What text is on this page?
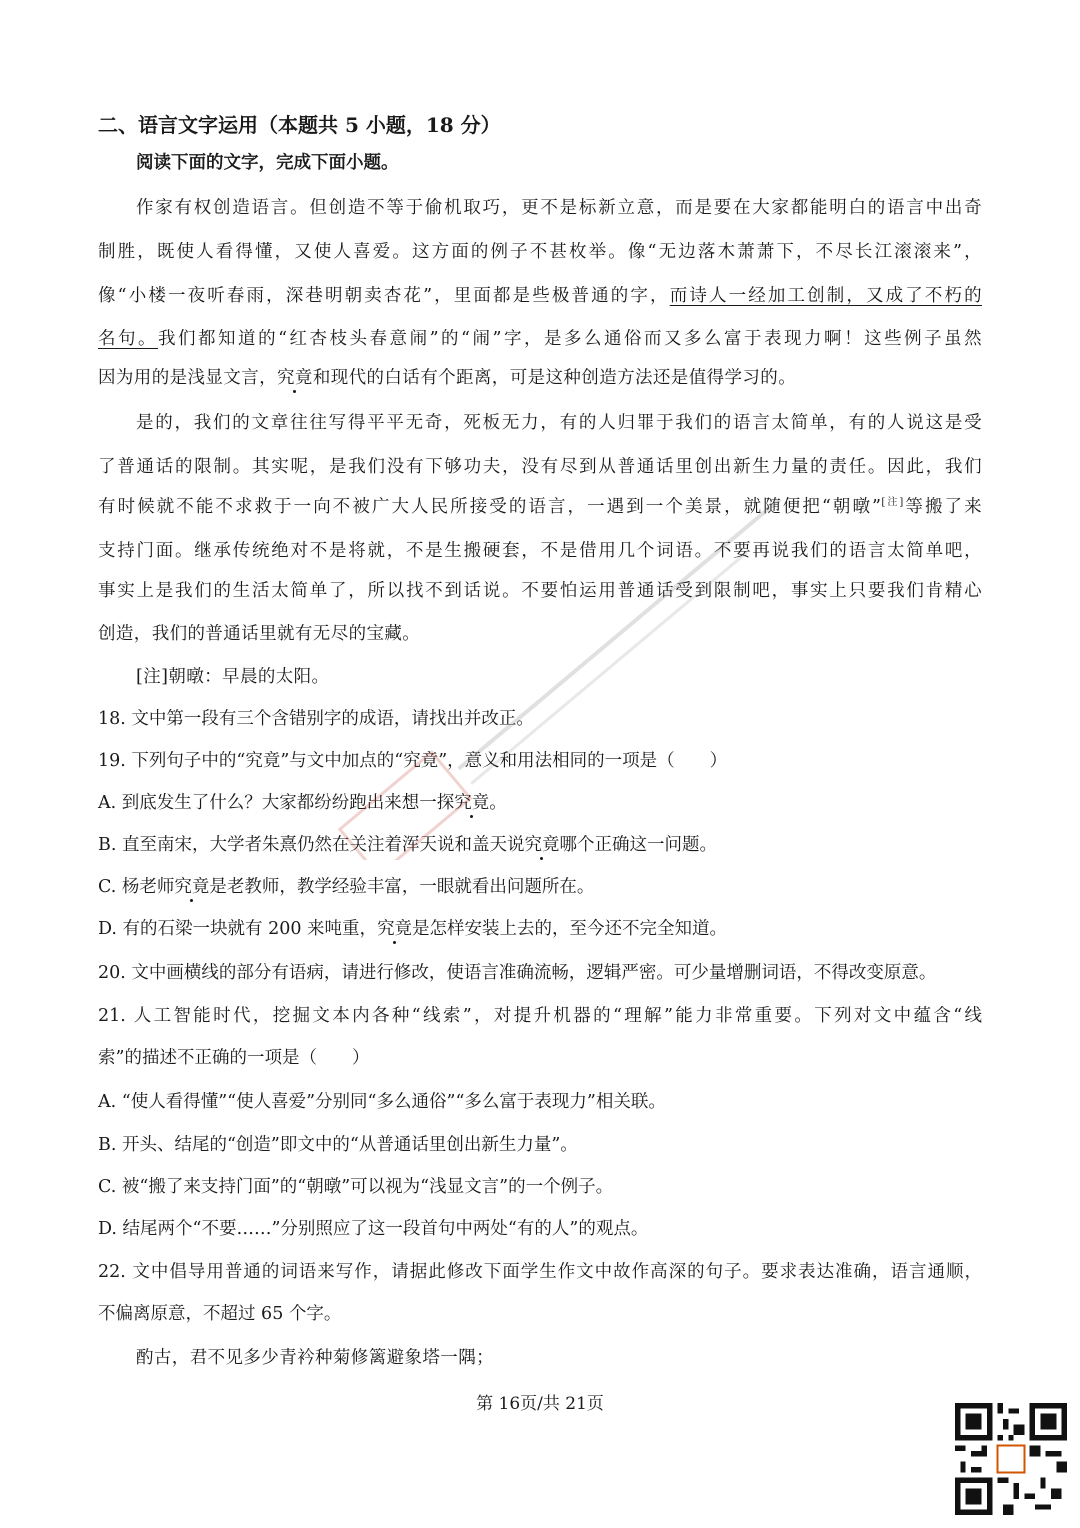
二、语言文字运用（本题共 5 小题，18 分）
阅读下面的文字，完成下面小题。
作家有权创造语言。但创造不等于偷机取巧，更不是标新立意，而是要在大家都能明白的语言中出奇
制胜，既使人看得懂，又使人喜爱。这方面的例子不甚枚举。像“无边落木萧萧下，不尽长江滚滚来”，
像“小楼一夜听春雨，深巷明朝卖杏花”，里面都是些极普通的字，而诗人一经加工创制，又成了不朽的
名句。我们都知道的“红杏枝头春意闹”的“闹”字，是多么通俗而又多么富于表现力啊！这些例子虽然
因为用的是浅显文言，究竟和现代的白话有个距离，可是这种创造方法还是值得学习的。
是的，我们的文章往往写得平平无奇，死板无力，有的人归罪于我们的语言太简单，有的人说这是受
了普通话的限制。其实呢，是我们没有下够功夫，没有尽到从普通话里创出新生力量的责任。因此，我们
有时候就不能不求救于一向不被广大人民所接受的语言，一遇到一个美景，就随便把“朝暾”[注]等搬了来
支持门面。继承传统绝对不是将就，不是生搬硬套，不是借用几个词语。不要再说我们的语言太简单吧，
事实上是我们的生活太简单了，所以找不到话说。不要怕运用普通话受到限制吧，事实上只要我们肯精心
创造，我们的普通话里就有无尽的宝藏。
[注]朝暾：早晨的太阳。
18. 文中第一段有三个含错别字的成语，请找出并改正。
19. 下列句子中的“究竟”与文中加点的“究竟”，意义和用法相同的一项是（　　）
A. 到底发生了什么？大家都纷纷跑出来想一探究竟。
B. 直至南宋，大学者朱熹仍然在关注着浑天说和盖天说究竟哪个正确这一问题。
C. 杨老师究竟是老教师，教学经验丰富，一眼就看出问题所在。
D. 有的石梁一块就有 200 来吨重，究竟是怎样安装上去的，至今还不完全知道。
20. 文中画横线的部分有语病，请进行修改，使语言准确流畅，逻辑严密。可少量增删词语，不得改变原意。
21. 人工智能时代，挖掘文本内各种“线索”，对提升机器的“理解”能力非常重要。下列对文中蕴含“线
索”的描述不正确的一项是（　　）
A. “使人看得懂”“使人喜爱”分别同“多么通俗”“多么富于表现力”相关联。
B. 开头、结尾的“创造”即文中的“从普通话里创出新生力量”。
C. 被“搬了来支持门面”的“朝暾”可以视为“浅显文言”的一个例子。
D. 结尾两个“不要……”分别照应了这一段首句中两处“有的人”的观点。
22. 文中倡导用普通的词语来写作，请据此修改下面学生作文中故作高深的句子。要求表达准确，语言通顺，
不偏离原意，不超过 65 个字。
酌古，君不见多少青衿种菊修篱避象塔一隅；
第 16页/共 21页
